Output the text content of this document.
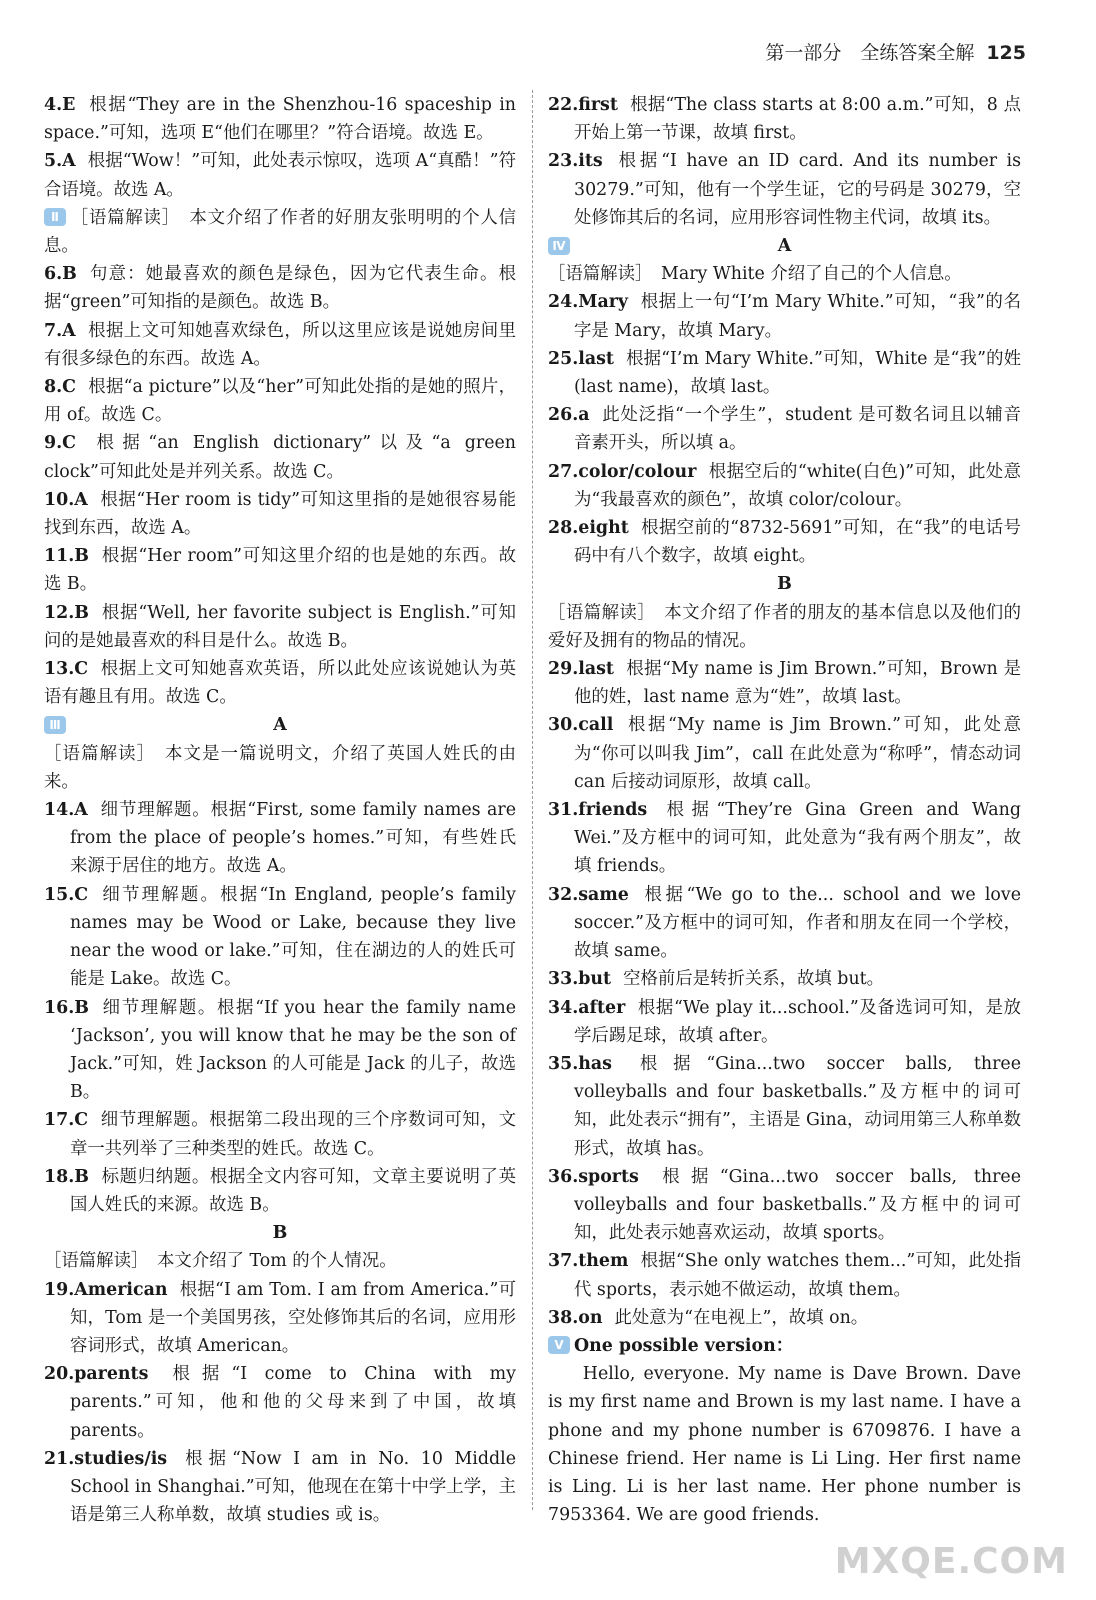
第一部分　全练答案全解 125
4.E 根据“They are in the Shenzhou-16 spaceship in space.”可知，选项 E“他们在哪里？”符合语境。故选 E。
5.A 根据“Wow！”可知，此处表示惊叹，选项 A“真酷！”符合语境。故选 A。
Ⅱ ［语篇解读］　本文介绍了作者的好朋友张明明的个人信息。
6.B 句意：她最喜欢的颜色是绿色，因为它代表生命。根据“green”可知指的是颜色。故选 B。
7.A 根据上文可知她喜欢绿色，所以这里应该是说她房间里有很多绿色的东西。故选 A。
8.C 根据“a picture”以及“her”可知此处指的是她的照片，用 of。故选 C。
9.C 根据“an English dictionary”以及“a green clock”可知此处是并列关系。故选 C。
10.A 根据“Her room is tidy”可知这里指的是她很容易能找到东西，故选 A。
11.B 根据“Her room”可知这里介绍的也是她的东西。故选 B。
12.B 根据“Well, her favorite subject is English.”可知问的是她最喜欢的科目是什么。故选 B。
13.C 根据上文可知她喜欢英语，所以此处应该说她认为英语有趣且有用。故选 C。
Ⅲ	A
［语篇解读］　本文是一篇说明文，介绍了英国人姓氏的由来。
14.A 细节理解题。根据“First, some family names are from the place of people’s homes.”可知，有些姓氏来源于居住的地方。故选 A。
15.C 细节理解题。根据“In England, people’s family names may be Wood or Lake, because they live near the wood or lake.”可知，住在湖边的人的姓氏可能是 Lake。故选 C。
16.B 细节理解题。根据“If you hear the family name ‘Jackson’, you will know that he may be the son of Jack.”可知，姓 Jackson 的人可能是 Jack 的儿子，故选 B。
17.C 细节理解题。根据第二段出现的三个序数词可知，文章一共列举了三种类型的姓氏。故选 C。
18.B 标题归纳题。根据全文内容可知，文章主要说明了英国人姓氏的来源。故选 B。
B
［语篇解读］　本文介绍了 Tom 的个人情况。
19.American 根据“I am Tom. I am from America.”可知，Tom 是一个美国男孩，空处修饰其后的名词，应用形容词形式，故填 American。
20.parents 根据“I come to China with my parents.”可知，他和他的父母来到了中国，故填 parents。
21.studies/is 根据“Now I am in No. 10 Middle School in Shanghai.”可知，他现在在第十中学上学，主语是第三人称单数，故填 studies 或 is。
22.first 根据“The class starts at 8:00 a.m.”可知，8 点开始上第一节课，故填 first。
23.its 根据“I have an ID card. And its number is 30279.”可知，他有一个学生证，它的号码是 30279，空处修饰其后的名词，应用形容词性物主代词，故填 its。
Ⅳ	A
［语篇解读］　Mary White 介绍了自己的个人信息。
24.Mary 根据上一句“I’m Mary White.”可知，“我”的名字是 Mary，故填 Mary。
25.last 根据“I’m Mary White.”可知，White 是“我”的姓(last name)，故填 last。
26.a 此处泛指“一个学生”，student 是可数名词且以辅音音素开头，所以填 a。
27.color/colour 根据空后的“white(白色)”可知，此处意为“我最喜欢的颜色”，故填 color/colour。
28.eight 根据空前的“8732-5691”可知，在“我”的电话号码中有八个数字，故填 eight。
B
［语篇解读］　本文介绍了作者的朋友的基本信息以及他们的爱好及拥有的物品的情况。
29.last 根据“My name is Jim Brown.”可知，Brown 是他的姓，last name 意为“姓”，故填 last。
30.call 根据“My name is Jim Brown.”可知，此处意为“你可以叫我 Jim”，call 在此处意为“称呼”，情态动词 can 后接动词原形，故填 call。
31.friends 根据“They’re Gina Green and Wang Wei.”及方框中的词可知，此处意为“我有两个朋友”，故填 friends。
32.same 根据“We go to the... school and we love soccer.”及方框中的词可知，作者和朋友在同一个学校，故填 same。
33.but 空格前后是转折关系，故填 but。
34.after 根据“We play it...school.”及备选词可知，是放学后踢足球，故填 after。
35.has 根据“Gina...two soccer balls, three volleyballs and four basketballs.”及方框中的词可知，此处表示“拥有”，主语是 Gina，动词用第三人称单数形式，故填 has。
36.sports 根据“Gina...two soccer balls, three volleyballs and four basketballs.”及方框中的词可知，此处表示她喜欢运动，故填 sports。
37.them 根据“She only watches them...”可知，此处指代 sports，表示她不做运动，故填 them。
38.on 此处意为“在电视上”，故填 on。
Ⅴ One possible version：

Hello, everyone. My name is Dave Brown. Dave is my first name and Brown is my last name. I have a phone and my phone number is 6709876. I have a Chinese friend. Her name is Li Ling. Her first name is Ling. Li is her last name. Her phone number is 7953364. We are good friends.

MXQE.COM
